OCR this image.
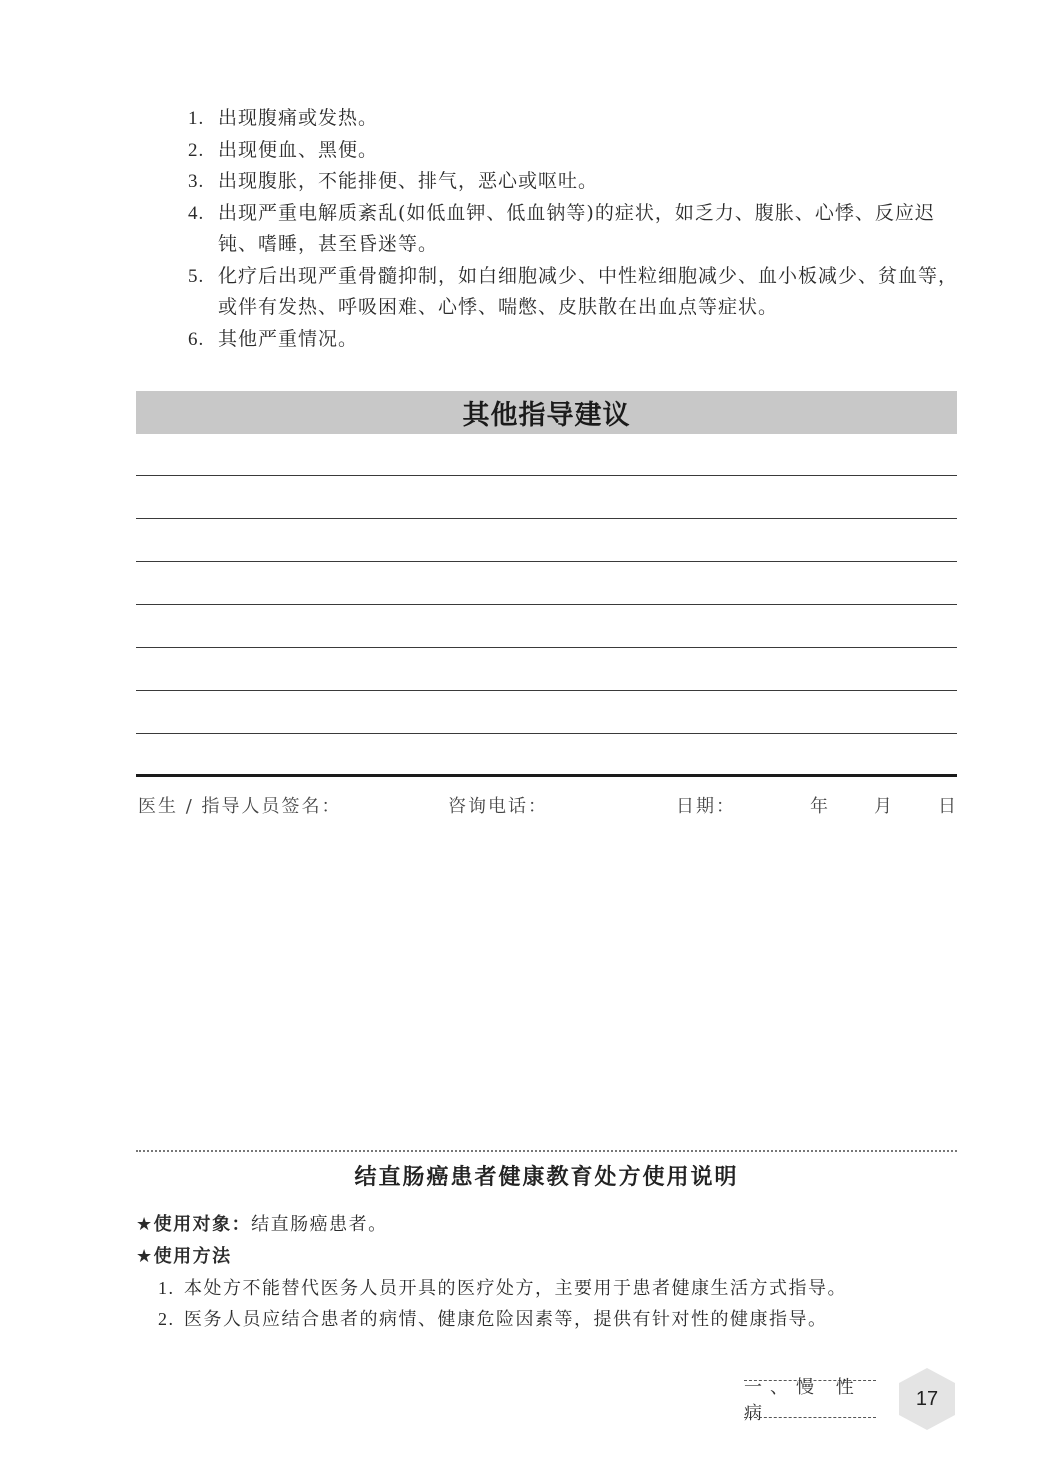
1. 出现腹痛或发热。
2. 出现便血、黑便。
3. 出现腹胀，不能排便、排气，恶心或呕吐。
4. 出现严重电解质紊乱(如低血钾、低血钠等)的症状，如乏力、腹胀、心悸、反应迟钝、嗜睡，甚至昏迷等。
5. 化疗后出现严重骨髓抑制，如白细胞减少、中性粒细胞减少、血小板减少、贫血等，或伴有发热、呼吸困难、心悸、喘憋、皮肤散在出血点等症状。
6. 其他严重情况。
其他指导建议
医生 / 指导人员签名：	咨询电话：	日期：	年 月 日
结直肠癌患者健康教育处方使用说明
★使用对象：结直肠癌患者。
★使用方法
1. 本处方不能替代医务人员开具的医疗处方，主要用于患者健康生活方式指导。
2. 医务人员应结合患者的病情、健康危险因素等，提供有针对性的健康指导。
一、慢 性 病
17
